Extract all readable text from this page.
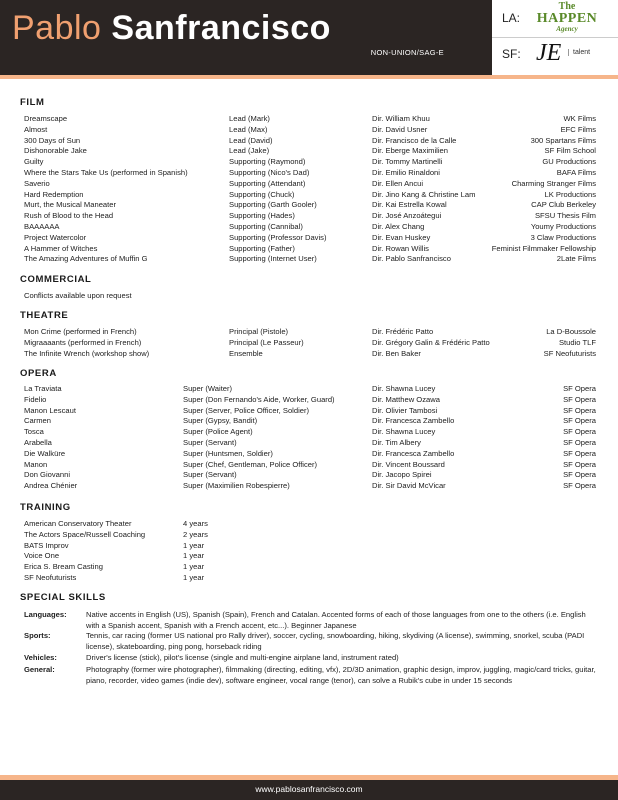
Pablo Sanfrancisco
NON-UNION/SAG-E
LA:
The
HAPPEN
Agency
SF: JE	talent
FILM
Dreamscape	Lead (Mark)	Dir. William Khuu	WK Films
Almost	Lead (Max)	Dir. David Usner	EFC Films
300 Days of Sun	Lead (David)	Dir. Francisco de la Calle	300 Spartans Films
Dishonorable Jake	Lead (Jake)	Dir. Eberge Maximilien	SF Film School
Guilty	Supporting (Raymond)	Dir. Tommy Martinelli	GU Productions
Where the Stars Take Us (performed in Spanish)	Supporting (Nico's Dad)	Dir. Emilio Rinaldoni	BAFA Films
Saverio	Supporting (Attendant)	Dir. Ellen Ancui	Charming Stranger Films
Hard Redemption	Supporting (Chuck)	Dir. Jino Kang & Christine Lam	LK Productions
Murt, the Musical Maneater	Supporting (Garth Gooler)	Dir. Kai Estrella Kowal	CAP Club Berkeley
Rush of Blood to the Head	Supporting (Hades)	Dir. José Anzoátegui	SFSU Thesis Film
BAAAAAA	Supporting (Cannibal)	Dir. Alex Chang	Youmy Productions
Project Watercolor	Supporting (Professor Davis)	Dir. Evan Huskey	3 Claw Productions
A Hammer of Witches	Supporting (Father)	Dir. Rowan Willis	Feminist Filmmaker Fellowship
The Amazing Adventures of Muffin G	Supporting (Internet User)	Dir. Pablo Sanfrancisco	2Late Films
COMMERCIAL
Conflicts available upon request
THEATRE
Mon Crime (performed in French)	Principal (Pistole)	Dir. Frédéric Patto	La D-Boussole
Migraaaants (performed in French)	Principal (Le Passeur)	Dir. Grégory Galin & Frédéric Patto	Studio TLF
The Infinite Wrench (workshop show)	Ensemble	Dir. Ben Baker	SF Neofuturists
OPERA
La Traviata	Super (Waiter)	Dir. Shawna Lucey	SF Opera
Fidelio	Super (Don Fernando's Aide, Worker, Guard)	Dir. Matthew Ozawa	SF Opera
Manon Lescaut	Super (Server, Police Officer, Soldier)	Dir. Olivier Tambosi	SF Opera
Carmen	Super (Gypsy, Bandit)	Dir. Francesca Zambello	SF Opera
Tosca	Super (Police Agent)	Dir. Shawna Lucey	SF Opera
Arabella	Super (Servant)	Dir. Tim Albery	SF Opera
Die Walküre	Super (Huntsmen, Soldier)	Dir. Francesca Zambello	SF Opera
Manon	Super (Chef, Gentleman, Police Officer)	Dir. Vincent Boussard	SF Opera
Don Giovanni	Super (Servant)	Dir. Jacopo Spirei	SF Opera
Andrea Chénier	Super (Maximilien Robespierre)	Dir. Sir David McVicar	SF Opera
TRAINING
American Conservatory Theater	4 years
The Actors Space/Russell Coaching	2 years
BATS Improv	1 year
Voice One	1 year
Erica S. Bream Casting	1 year
SF Neofuturists	1 year
SPECIAL SKILLS
Languages:	Native accents in English (US), Spanish (Spain), French and Catalan. Accented forms of each of those languages from one to the others (i.e. English with a Spanish accent, Spanish with a French accent, etc...). Beginner Japanese
Sports:	Tennis, car racing (former US national pro Rally driver), soccer, cycling, snowboarding, hiking, skydiving (A license), swimming, snorkel, scuba (PADI license), skateboarding, ping pong, horseback riding
Vehicles:	Driver's license (stick), pilot's license (single and multi-engine airplane land, instrument rated)
General:	Photography (former wire photographer), filmmaking (directing, editing, vfx), 2D/3D animation, graphic design, improv, juggling, magic/card tricks, guitar, piano, recorder, video games (indie dev), software engineer, vocal range (tenor), can solve a Rubik's cube in under 15 seconds
www.pablosanfrancisco.com
